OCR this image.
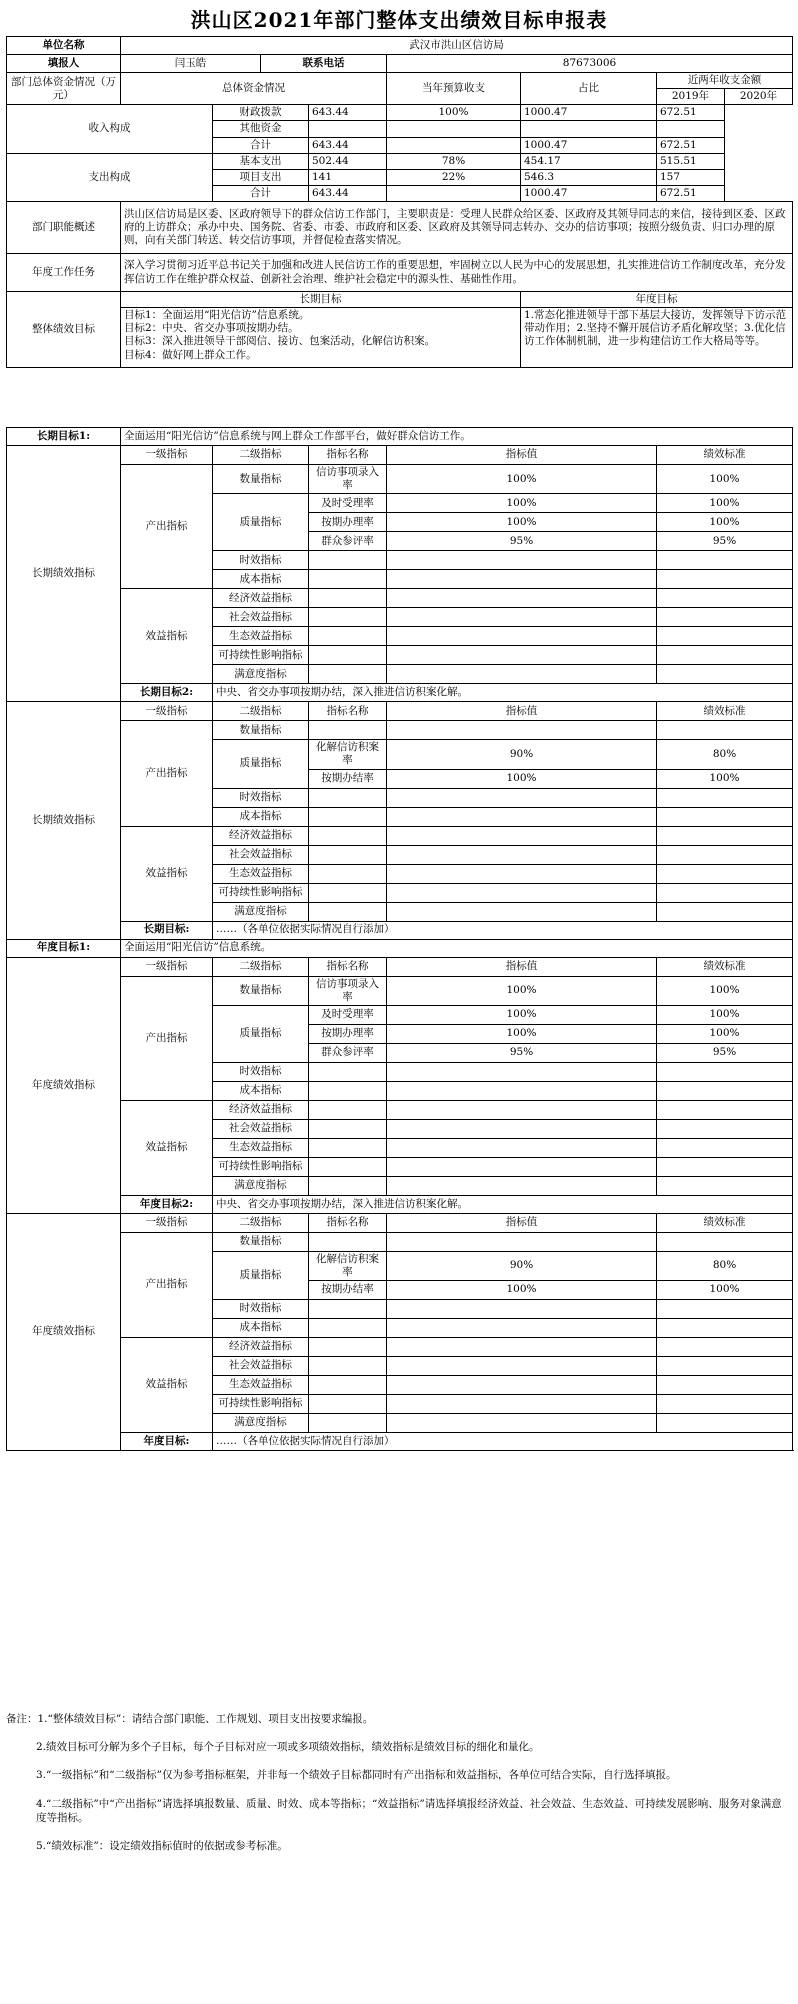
洪山区2021年部门整体支出绩效目标申报表
单位名称	武汉市洪山区信访局							
填报人	闫玉皓		联系电话		87673006			
部门总体资金情况（万元）	总体资金情况				当年预算收支	占比	近两年收支金额	
							2019年	2020年
收入构成		财政拨款		643.44	100%	1000.47	672.51	
		其他资金						
		合计		643.44		1000.47	672.51	
支出构成		基本支出		502.44	78%	454.17	515.51	
		项目支出		141	22%	546.3	157	
		合计		643.44		1000.47	672.51	
部门职能概述	洪山区信访局是区委、区政府领导下的群众信访工作部门，主要职责是：受理人民群众给区委、区政府及其领导同志的来信，接待到区委、区政府的上访群众；承办中央、国务院、省委、市委、市政府和区委、区政府及其领导同志转办、交办的信访事项；按照分级负责、归口办理的原则，向有关部门转送、转交信访事项，并督促检查落实情况。							
年度工作任务	深入学习贯彻习近平总书记关于加强和改进人民信访工作的重要思想，牢固树立以人民为中心的发展思想，扎实推进信访工作制度改革，充分发挥信访工作在维护群众权益、创新社会治理、维护社会稳定中的源头性、基础性作用。							
整体绩效目标	长期目标					年度目标		
	目标1：全面运用“阳光信访”信息系统。
目标2：中央、省交办事项按期办结。
目标3：深入推进领导干部阅信、接访、包案活动，化解信访积案。
目标4：做好网上群众工作。					1.常态化推进领导干部下基层大接访，发挥领导下访示范带动作用；2.坚持不懈开展信访矛盾化解攻坚；3.优化信访工作体制机制，进一步构建信访工作大格局等等。		
长期目标1:	全面运用“阳光信访”信息系统与网上群众工作部平台，做好群众信访工作。				
长期绩效指标	一级指标	二级指标	指标名称	指标值	绩效标准
	产出指标	数量指标	信访事项录入率	100%	100%
		质量指标	及时受理率	100%	100%
			按期办理率	100%	100%
			群众参评率	95%	95%
		时效指标			
		成本指标			
	效益指标	经济效益指标			
		社会效益指标			
		生态效益指标			
		可持续性影响指标			
		满意度指标			
	长期目标2:	中央、省交办事项按期办结，深入推进信访积案化解。			
长期绩效指标	一级指标	二级指标	指标名称	指标值	绩效标准
	产出指标	数量指标			
		质量指标	化解信访积案率	90%	80%
			按期办结率	100%	100%
		时效指标			
		成本指标			
	效益指标	经济效益指标			
		社会效益指标			
		生态效益指标			
		可持续性影响指标			
		满意度指标			
	长期目标:	……（各单位依据实际情况自行添加）			
年度目标1:	全面运用“阳光信访”信息系统。				
年度绩效指标	一级指标	二级指标	指标名称	指标值	绩效标准
	产出指标	数量指标	信访事项录入率	100%	100%
		质量指标	及时受理率	100%	100%
			按期办理率	100%	100%
			群众参评率	95%	95%
		时效指标			
		成本指标			
	效益指标	经济效益指标			
		社会效益指标			
		生态效益指标			
		可持续性影响指标			
		满意度指标			
	年度目标2:	中央、省交办事项按期办结，深入推进信访积案化解。			
年度绩效指标	一级指标	二级指标	指标名称	指标值	绩效标准
	产出指标	数量指标			
		质量指标	化解信访积案率	90%	80%
			按期办结率	100%	100%
		时效指标			
		成本指标			
	效益指标	经济效益指标			
		社会效益指标			
		生态效益指标			
		可持续性影响指标			
		满意度指标			
	年度目标:	……（各单位依据实际情况自行添加）			

备注：1.“整体绩效目标”：请结合部门职能、工作规划、项目支出按要求编报。

2.绩效目标可分解为多个子目标，每个子目标对应一项或多项绩效指标，绩效指标是绩效目标的细化和量化。

3.“一级指标”和“二级指标”仅为参考指标框架，并非每一个绩效子目标都同时有产出指标和效益指标，各单位可结合实际，自行选择填报。

4.“二级指标”中“产出指标”请选择填报数量、质量、时效、成本等指标；“效益指标”请选择填报经济效益、社会效益、生态效益、可持续发展影响、服务对象满意度等指标。

5.“绩效标准”：设定绩效指标值时的依据或参考标准。
